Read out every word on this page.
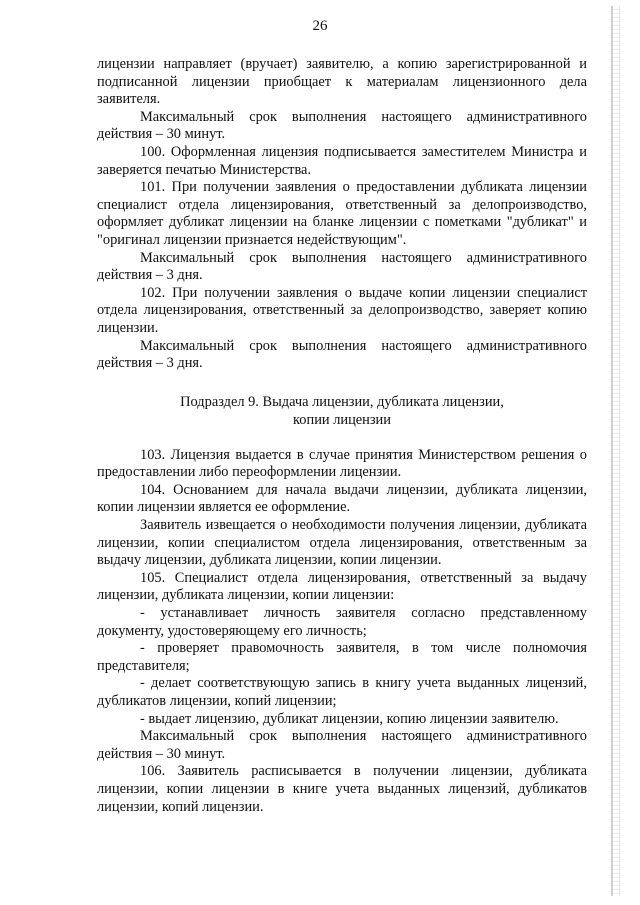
26

лицензии направляет (вручает) заявителю, а копию зарегистрированной и подписанной лицензии приобщает к материалам лицензионного дела заявителя.

Максимальный срок выполнения настоящего административного действия – 30 минут.

100. Оформленная лицензия подписывается заместителем Министра и заверяется печатью Министерства.

101. При получении заявления о предоставлении дубликата лицензии специалист отдела лицензирования, ответственный за делопроизводство, оформляет дубликат лицензии на бланке лицензии с пометками "дубликат" и "оригинал лицензии признается недействующим".

Максимальный срок выполнения настоящего административного действия – 3 дня.

102. При получении заявления о выдаче копии лицензии специалист отдела лицензирования, ответственный за делопроизводство, заверяет копию лицензии.

Максимальный срок выполнения настоящего административного действия – 3 дня.

Подраздел 9. Выдача лицензии, дубликата лицензии,
копии лицензии

103. Лицензия выдается в случае принятия Министерством решения о предоставлении либо переоформлении лицензии.

104. Основанием для начала выдачи лицензии, дубликата лицензии, копии лицензии является ее оформление.

Заявитель извещается о необходимости получения лицензии, дубликата лицензии, копии специалистом отдела лицензирования, ответственным за выдачу лицензии, дубликата лицензии, копии лицензии.

105. Специалист отдела лицензирования, ответственный за выдачу лицензии, дубликата лицензии, копии лицензии:

- устанавливает личность заявителя согласно представленному документу, удостоверяющему его личность;

- проверяет правомочность заявителя, в том числе полномочия представителя;

- делает соответствующую запись в книгу учета выданных лицензий, дубликатов лицензии, копий лицензии;

- выдает лицензию, дубликат лицензии, копию лицензии заявителю.

Максимальный срок выполнения настоящего административного действия – 30 минут.

106. Заявитель расписывается в получении лицензии, дубликата лицензии, копии лицензии в книге учета выданных лицензий, дубликатов лицензии, копий лицензии.
